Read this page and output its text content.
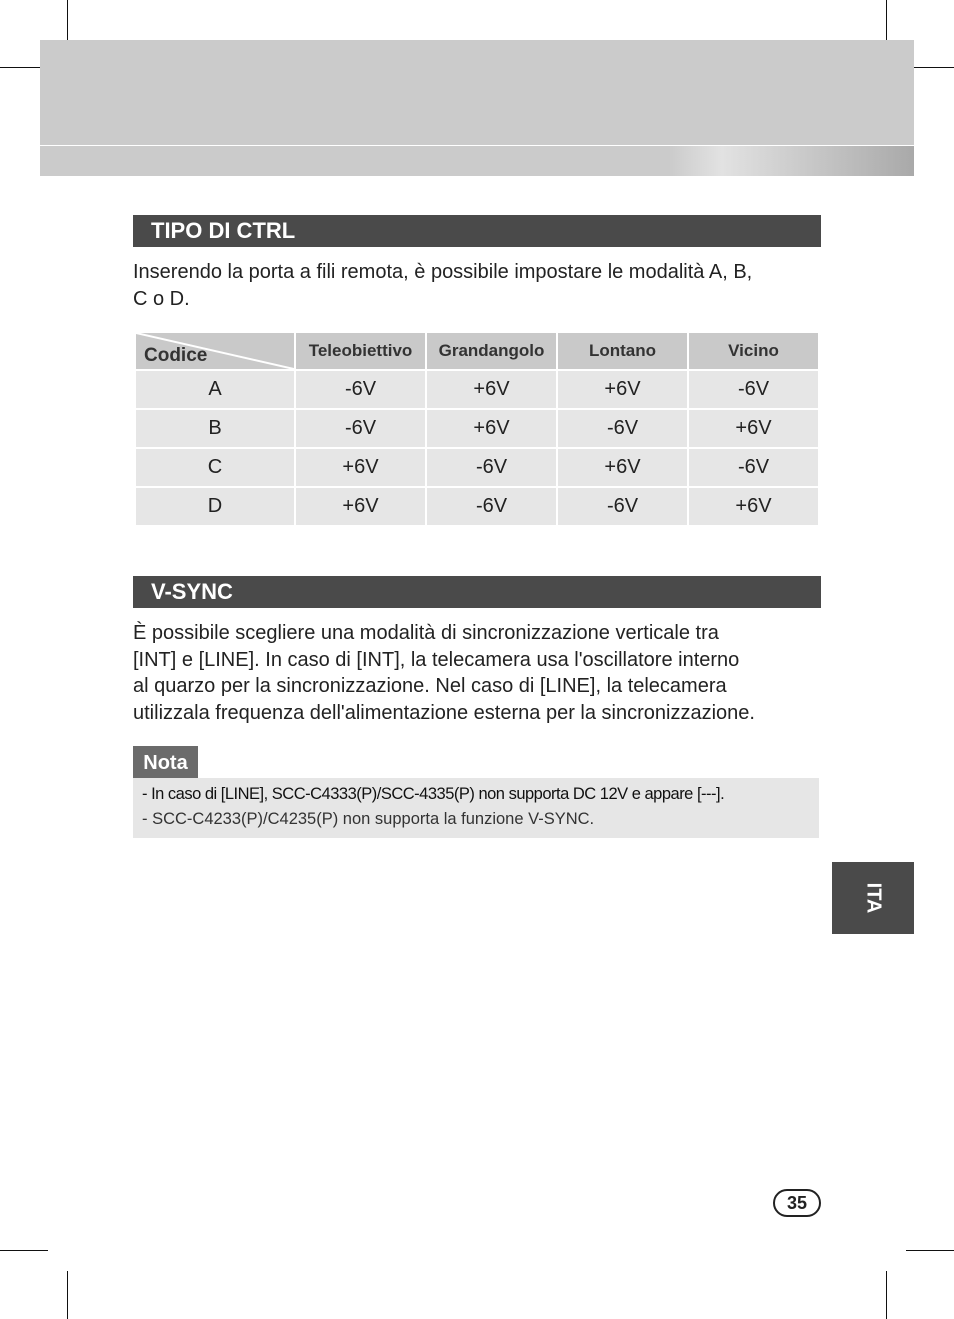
TIPO DI CTRL

Inserendo la porta a fili remota, è possibile impostare le modalità A, B,
C o D.

Codice	Teleobiettivo	Grandangolo	Lontano	Vicino
A	-6V	+6V	+6V	-6V
B	-6V	+6V	-6V	+6V
C	+6V	-6V	+6V	-6V
D	+6V	-6V	-6V	+6V
V-SYNC

È possibile scegliere una modalità di sincronizzazione verticale tra
[INT] e [LINE]. In caso di [INT], la telecamera usa l'oscillatore interno
al quarzo per la sincronizzazione. Nel caso di [LINE], la telecamera
utilizzala frequenza dell'alimentazione esterna per la sincronizzazione.

Nota
- In caso di [LINE], SCC-C4333(P)/SCC-4335(P) non supporta DC 12V e appare [---].
- SCC-C4233(P)/C4235(P) non supporta la funzione V-SYNC.
ITA
35
